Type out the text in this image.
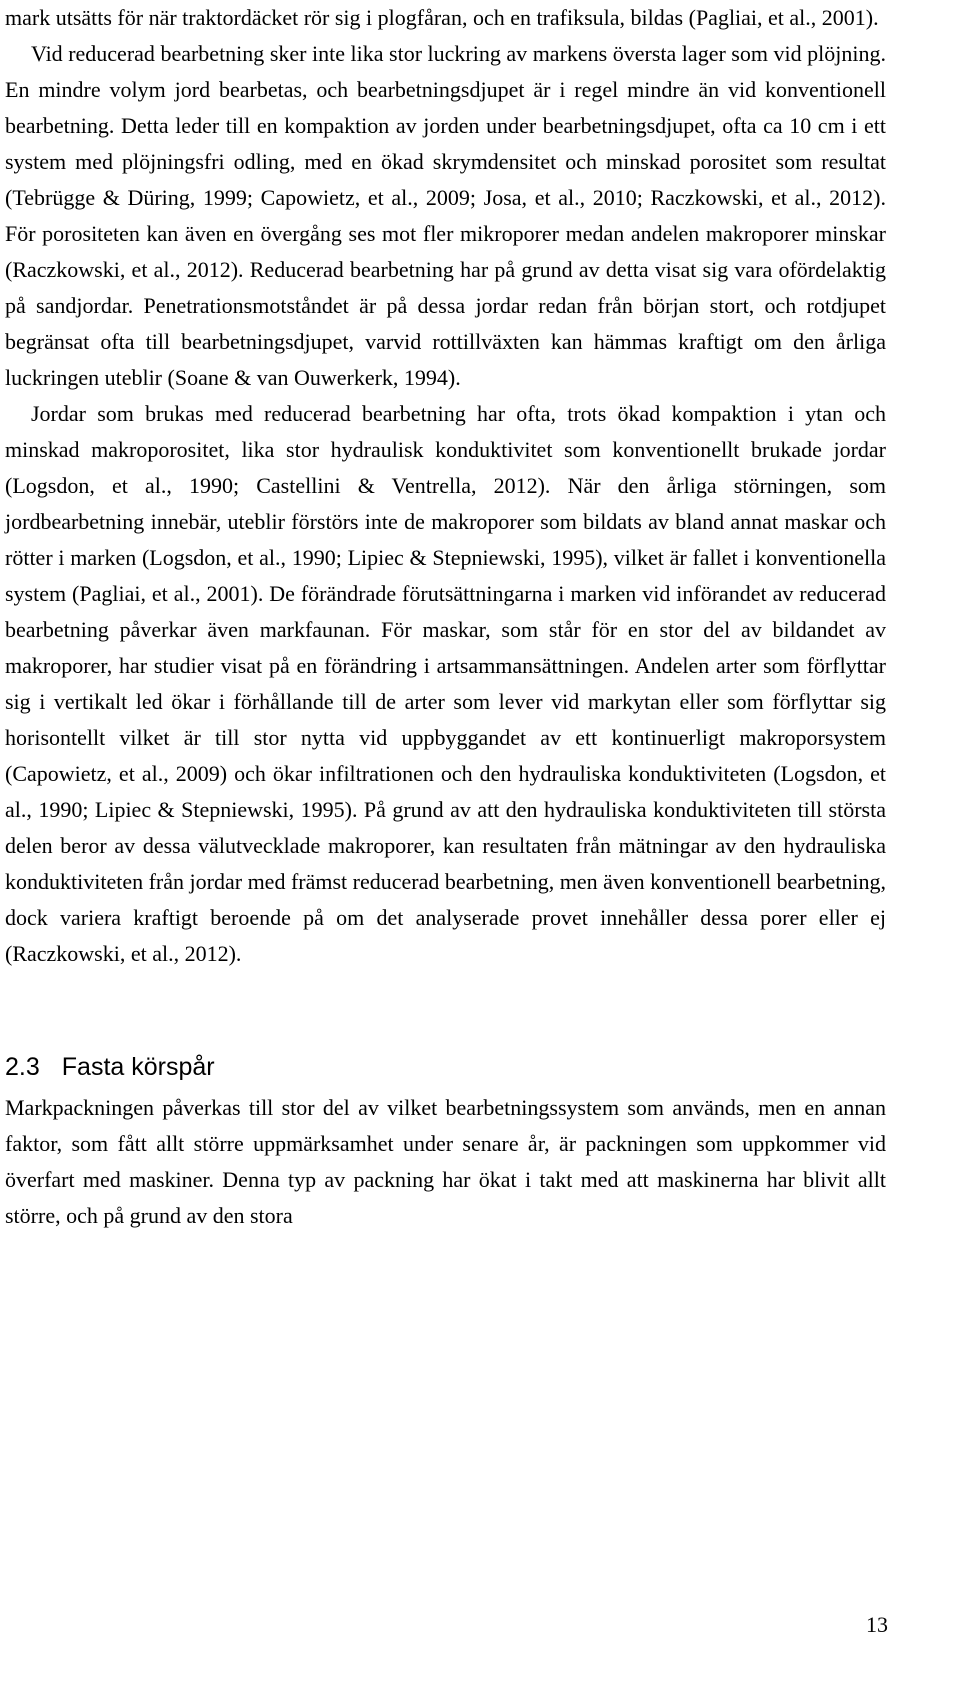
mark utsätts för när traktordäcket rör sig i plogfåran, och en trafiksula, bildas (Pagliai, et al., 2001).

Vid reducerad bearbetning sker inte lika stor luckring av markens översta lager som vid plöjning. En mindre volym jord bearbetas, och bearbetningsdjupet är i regel mindre än vid konventionell bearbetning. Detta leder till en kompaktion av jorden under bearbetningsdjupet, ofta ca 10 cm i ett system med plöjningsfri odling, med en ökad skrymdensitet och minskad porositet som resultat (Tebrügge & Düring, 1999; Capowietz, et al., 2009; Josa, et al., 2010; Raczkowski, et al., 2012). För porositeten kan även en övergång ses mot fler mikroporer medan andelen makroporer minskar (Raczkowski, et al., 2012). Reducerad bearbetning har på grund av detta visat sig vara ofördelaktig på sandjordar. Penetrationsmotståndet är på dessa jordar redan från början stort, och rotdjupet begränsat ofta till bearbetningsdjupet, varvid rottillväxten kan hämmas kraftigt om den årliga luckringen uteblir (Soane & van Ouwerkerk, 1994).

Jordar som brukas med reducerad bearbetning har ofta, trots ökad kompaktion i ytan och minskad makroporositet, lika stor hydraulisk konduktivitet som konventionellt brukade jordar (Logsdon, et al., 1990; Castellini & Ventrella, 2012). När den årliga störningen, som jordbearbetning innebär, uteblir förstörs inte de makroporer som bildats av bland annat maskar och rötter i marken (Logsdon, et al., 1990; Lipiec & Stepniewski, 1995), vilket är fallet i konventionella system (Pagliai, et al., 2001). De förändrade förutsättningarna i marken vid införandet av reducerad bearbetning påverkar även markfaunan. För maskar, som står för en stor del av bildandet av makroporer, har studier visat på en förändring i artsammansättningen. Andelen arter som förflyttar sig i vertikalt led ökar i förhållande till de arter som lever vid markytan eller som förflyttar sig horisontellt vilket är till stor nytta vid uppbyggandet av ett kontinuerligt makroporsystem (Capowietz, et al., 2009) och ökar infiltrationen och den hydrauliska konduktiviteten (Logsdon, et al., 1990; Lipiec & Stepniewski, 1995). På grund av att den hydrauliska konduktiviteten till största delen beror av dessa välutvecklade makroporer, kan resultaten från mätningar av den hydrauliska konduktiviteten från jordar med främst reducerad bearbetning, men även konventionell bearbetning, dock variera kraftigt beroende på om det analyserade provet innehåller dessa porer eller ej (Raczkowski, et al., 2012).

2.3 Fasta körspår

Markpackningen påverkas till stor del av vilket bearbetningssystem som används, men en annan faktor, som fått allt större uppmärksamhet under senare år, är packningen som uppkommer vid överfart med maskiner. Denna typ av packning har ökat i takt med att maskinerna har blivit allt större, och på grund av den stora

13
